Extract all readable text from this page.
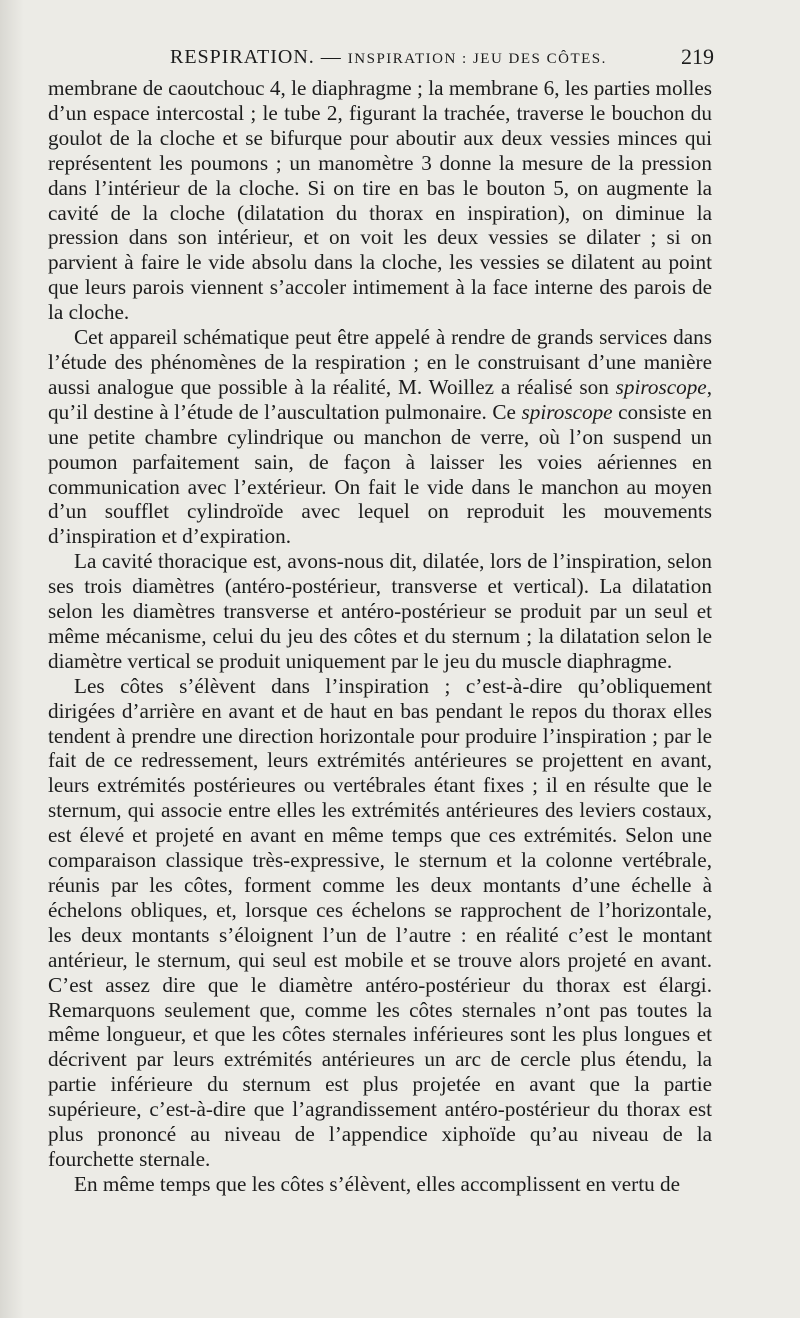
RESPIRATION. — INSPIRATION : JEU DES CÔTES.	219

membrane de caoutchouc 4, le diaphragme ; la membrane 6, les parties molles d’un espace intercostal ; le tube 2, figurant la trachée, traverse le bouchon du goulot de la cloche et se bifurque pour aboutir aux deux vessies minces qui représentent les poumons ; un manomètre 3 donne la mesure de la pression dans l’intérieur de la cloche. Si on tire en bas le bouton 5, on augmente la cavité de la cloche (dilatation du thorax en inspiration), on diminue la pression dans son intérieur, et on voit les deux vessies se dilater ; si on parvient à faire le vide absolu dans la cloche, les vessies se dilatent au point que leurs parois viennent s’accoler intimement à la face interne des parois de la cloche.

Cet appareil schématique peut être appelé à rendre de grands services dans l’étude des phénomènes de la respiration ; en le construisant d’une manière aussi analogue que possible à la réalité, M. Woillez a réalisé son spiroscope, qu’il destine à l’étude de l’auscultation pulmonaire. Ce spiroscope consiste en une petite chambre cylindrique ou manchon de verre, où l’on suspend un poumon parfaitement sain, de façon à laisser les voies aériennes en communication avec l’extérieur. On fait le vide dans le manchon au moyen d’un soufflet cylindroïde avec lequel on reproduit les mouvements d’inspiration et d’expiration.

La cavité thoracique est, avons-nous dit, dilatée, lors de l’inspiration, selon ses trois diamètres (antéro-postérieur, transverse et vertical). La dilatation selon les diamètres transverse et antéro-postérieur se produit par un seul et même mécanisme, celui du jeu des côtes et du sternum ; la dilatation selon le diamètre vertical se produit uniquement par le jeu du muscle diaphragme.

Les côtes s’élèvent dans l’inspiration ; c’est-à-dire qu’obliquement dirigées d’arrière en avant et de haut en bas pendant le repos du thorax elles tendent à prendre une direction horizontale pour produire l’inspiration ; par le fait de ce redressement, leurs extrémités antérieures se projettent en avant, leurs extrémités postérieures ou vertébrales étant fixes ; il en résulte que le sternum, qui associe entre elles les extrémités antérieures des leviers costaux, est élevé et projeté en avant en même temps que ces extrémités. Selon une comparaison classique très-expressive, le sternum et la colonne vertébrale, réunis par les côtes, forment comme les deux montants d’une échelle à échelons obliques, et, lorsque ces échelons se rapprochent de l’horizontale, les deux montants s’éloignent l’un de l’autre : en réalité c’est le montant antérieur, le sternum, qui seul est mobile et se trouve alors projeté en avant. C’est assez dire que le diamètre antéro-postérieur du thorax est élargi. Remarquons seulement que, comme les côtes sternales n’ont pas toutes la même longueur, et que les côtes sternales inférieures sont les plus longues et décrivent par leurs extrémités antérieures un arc de cercle plus étendu, la partie inférieure du sternum est plus projetée en avant que la partie supérieure, c’est-à-dire que l’agrandissement antéro-postérieur du thorax est plus prononcé au niveau de l’appendice xiphoïde qu’au niveau de la fourchette sternale.

En même temps que les côtes s’élèvent, elles accomplissent en vertu de
